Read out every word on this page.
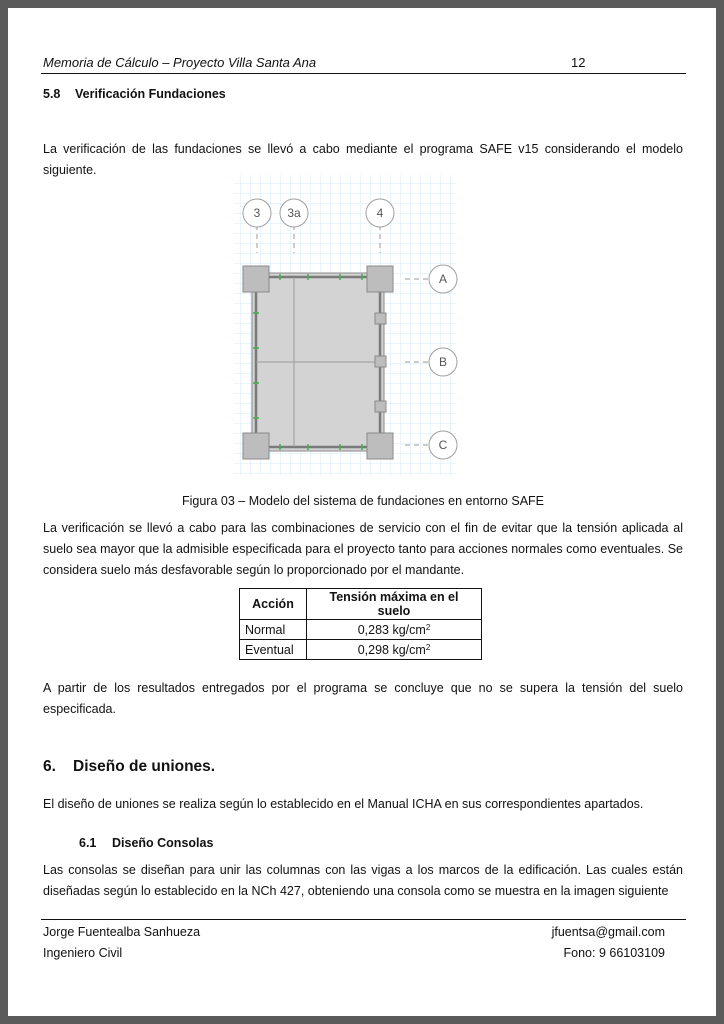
Memoria de Cálculo – Proyecto Villa Santa Ana	12
5.8 Verificación Fundaciones
La verificación de las fundaciones se llevó a cabo mediante el programa SAFE v15 considerando el modelo siguiente.
3 3a	4
A
B
C
Figura 03 – Modelo del sistema de fundaciones en entorno SAFE
La verificación se llevó a cabo para las combinaciones de servicio con el fin de evitar que la tensión aplicada al suelo sea mayor que la admisible especificada para el proyecto tanto para acciones normales como eventuales. Se considera suelo más desfavorable según lo proporcionado por el mandante.
Acción	Tensión máxima en el suelo
Normal	0,283 $kg/cm^2$
Eventual	0,298 $kg/cm^2$
A partir de los resultados entregados por el programa se concluye que no se supera la tensión del suelo especificada.
6. Diseño de uniones.
El diseño de uniones se realiza según lo establecido en el Manual ICHA en sus correspondientes apartados.
6.1 Diseño Consolas
Las consolas se diseñan para unir las columnas con las vigas a los marcos de la edificación. Las cuales están diseñadas según lo establecido en la NCh 427, obteniendo una consola como se muestra en la imagen siguiente
Jorge Fuentealba Sanhueza
Ingeniero Civil
jfuentsa@gmail.com
Fono: 9 66103109
